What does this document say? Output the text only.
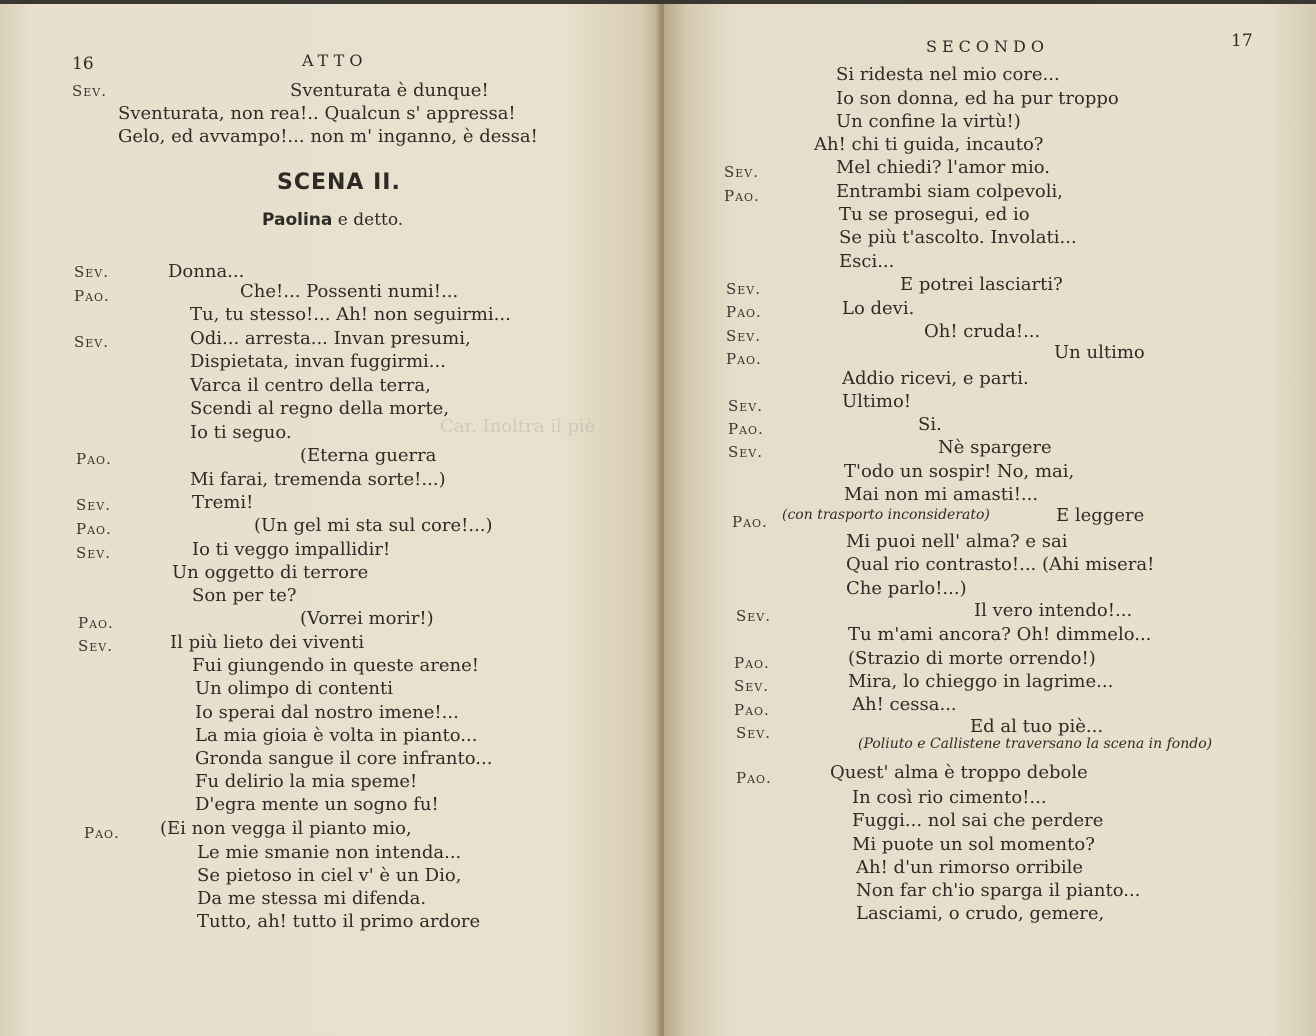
Car. Inoltra il piè
16	ATTO
Sev.	Sventurata è dunque!
Sventurata, non rea!.. Qualcun s' appressa!
Gelo, ed avvampo!... non m' inganno, è dessa!
SCENA II.
Paolina e detto.
Sev.	Donna...
Pao.	Che!... Possenti numi!...
Tu, tu stesso!... Ah! non seguirmi...
Sev.	Odi... arresta... Invan presumi,
Dispietata, invan fuggirmi...
Varca il centro della terra,
Scendi al regno della morte,
Io ti seguo.
Pao.	(Eterna guerra
Mi farai, tremenda sorte!...)
Sev.	Tremi!
Pao.	(Un gel mi sta sul core!...)
Sev.	Io ti veggo impallidir!
Un oggetto di terrore
Son per te?
Pao.	(Vorrei morir!)
Sev.	Il più lieto dei viventi
Fui giungendo in queste arene!
Un olimpo di contenti
Io sperai dal nostro imene!...
La mia gioia è volta in pianto...
Gronda sangue il core infranto...
Fu delirio la mia speme!
D'egra mente un sogno fu!
Pao. (Ei non vegga il pianto mio,
Le mie smanie non intenda...
Se pietoso in ciel v' è un Dio,
Da me stessa mi difenda.
Tutto, ah! tutto il primo ardore
SECONDO	17
Si ridesta nel mio core...
Io son donna, ed ha pur troppo
Un confine la virtù!)
Ah! chi ti guida, incauto?
Sev.	Mel chiedi? l'amor mio.
Pao.	Entrambi siam colpevoli,
Tu se prosegui, ed io
Se più t'ascolto. Involati...
Esci...
Sev.	E potrei lasciarti?
Pao.	Lo devi.
Sev.	Oh! cruda!...
Pao.	Un ultimo
Addio ricevi, e parti.
Sev.	Ultimo!
Pao.	Si.
Sev.	Nè spargere
T'odo un sospir! No, mai,
Mai non mi amasti!...
Pao. (con trasporto inconsiderato)	E leggere
Mi puoi nell' alma? e sai
Qual rio contrasto!... (Ahi misera!
Che parlo!...)
Sev.	Il vero intendo!...
Tu m'ami ancora? Oh! dimmelo...
Pao.	(Strazio di morte orrendo!)
Sev.	Mira, lo chieggo in lagrime...
Pao.	Ah! cessa...
Sev.	Ed al tuo piè...
(Poliuto e Callistene traversano la scena in fondo)
Pao.	Quest' alma è troppo debole
In così rio cimento!...
Fuggi... nol sai che perdere
Mi puote un sol momento?
Ah! d'un rimorso orribile
Non far ch'io sparga il pianto...
Lasciami, o crudo, gemere,
